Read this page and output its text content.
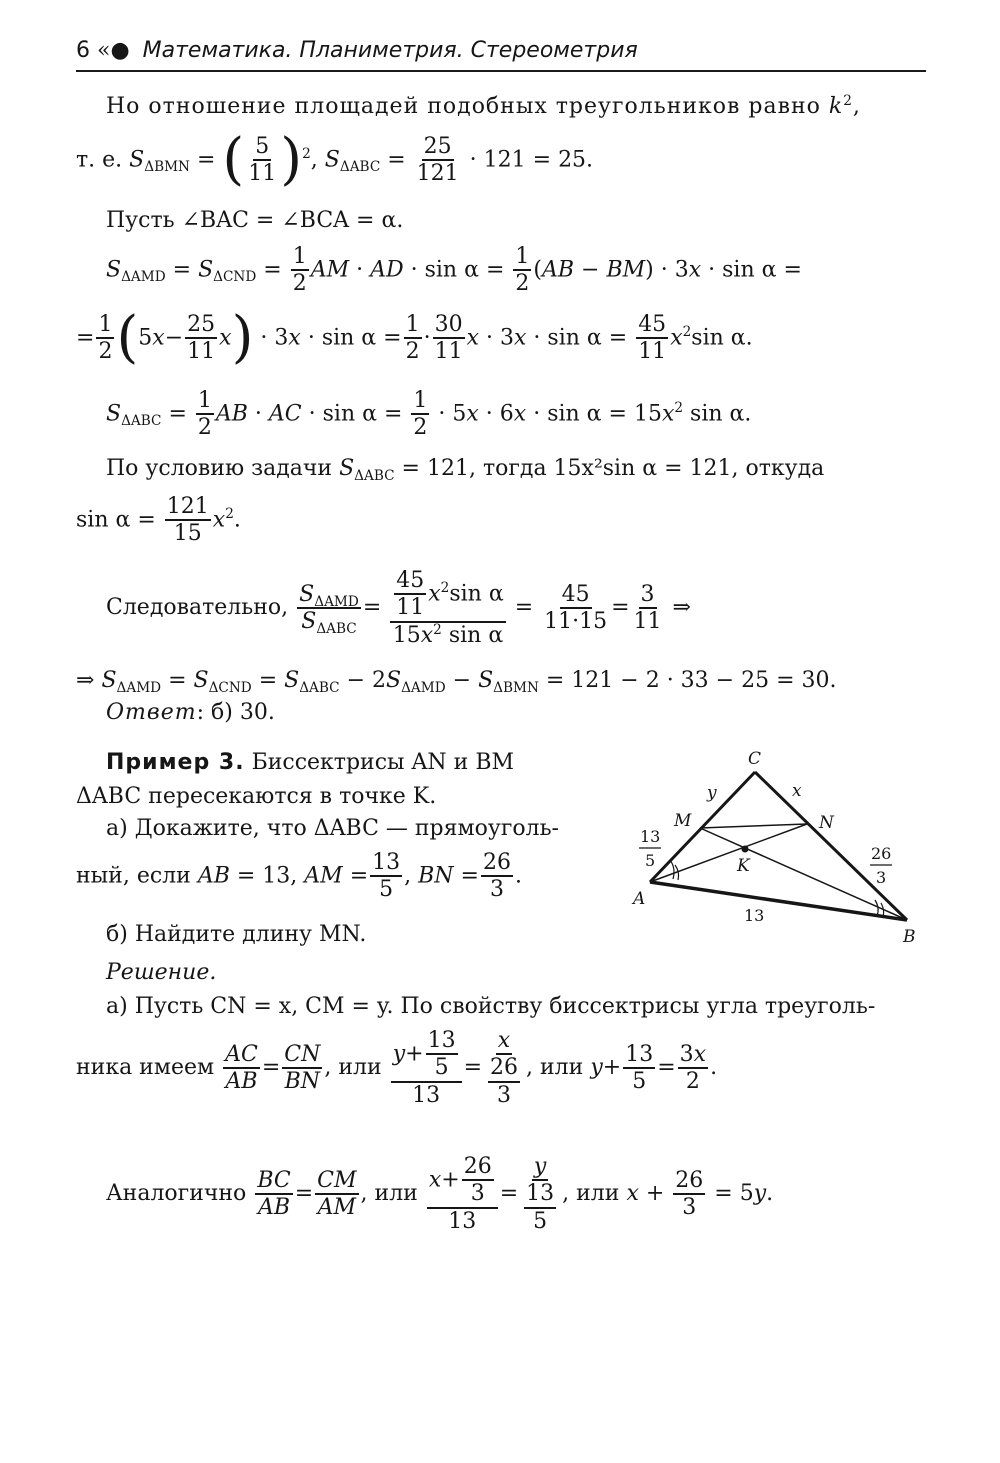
6 «● Математика. Планиметрия. Стереометрия
Но отношение площадей подобных треугольников равно $k^2$,
т. е. $S_{\Delta BMN}$ = ( $\frac{5}{11} )^2$, $S_{\Delta ABC} = \frac{25}{121} \cdot 121 = 25$.
Пусть ∠BAC = ∠BCA = α.
$S_{\Delta AMD} = S_{\Delta CND} = \frac{1}{2}$ AM · AD · $\sin \alpha = \frac{1}{2} (AB - BM) \cdot 3x \cdot \sin \alpha$ =
= $\frac{1}{2} (5x- \frac{25}{11} x) \cdot 3x \cdot \sin \alpha = \frac{1}{2} \cdot \frac{30}{11}$ $x \cdot 3x \cdot \sin \alpha = \frac{45}{11} x^2\sin$ α.
$S_{\Delta ABC} = \frac{1}{2}$ AB · AC · $\sin \alpha = \frac{1}{2} \cdot 5x \cdot 6x \cdot \sin \alpha = 15x^2$ sin α.
По условию задачи $S_{\Delta ABC} = 121$, тогда 15x²sin α = 121, откуда
$\sin \alpha = \frac{121}{15} x^2$.
Следовательно, $\frac{S_{\Delta AMD}}{S_{\Delta ABC}} = \frac{\frac{45}{11} x^2\sin \alpha}{15x^2 \sin \alpha} = \frac{45}{11\cdot 15} = \frac{3}{11}$ ⇒
⇒ $S_{\Delta AMD} = S_{\Delta CND} = S_{\Delta ABC} - 2S_{\Delta AMD} - S_{\Delta BMN} = 121 - 2 \cdot 33 - 25 = 30$.
Ответ: б) 30.
Пример 3. Биссектрисы AN и BM
ΔABC пересекаются в точке K.
а) Докажите, что ΔABC — прямоуголь-
ный, если AB = 13, AM = $\frac{13}{5}$ , BN = $\frac{26}{3}$ .
б) Найдите длину MN.
Решение.
а) Пусть CN = x, CM = y. По свойству биссектрисы угла треуголь-
ника имеем $\frac{AC}{AB} = \frac{CN}{BN}$ , или $\frac{y+ \frac{13}{5}}{13} = \frac{x}{\frac{26}{3}}$ , или $y+ \frac{13}{5} = \frac{3x}{2}$ .
Аналогично $\frac{BC}{AB} = \frac{CM}{AM}$ , или $\frac{x+ \frac{26}{3}}{13} = \frac{y}{\frac{13}{5}}$ , или $x + \frac{26}{3} = 5y$.
C
M	N
K
A
B
y	x
13
5	26
3
13
